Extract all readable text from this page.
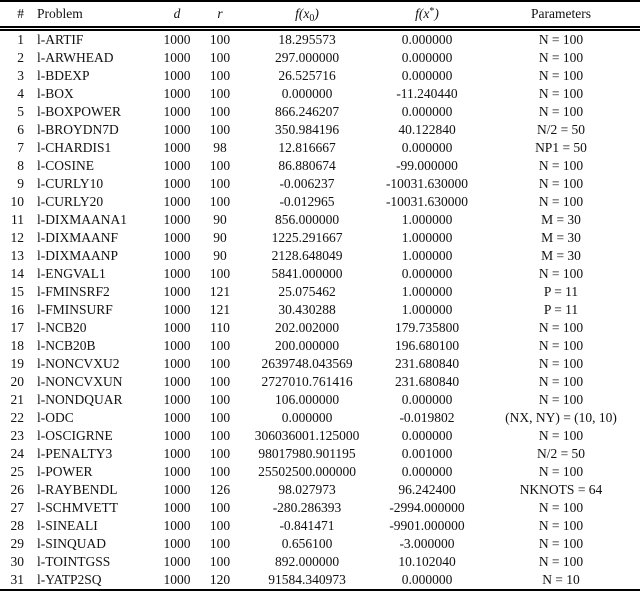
#	Problem	d	r	$f(x_0)$	f(x*)	Parameters
1	l-ARTIF	1000	100	18.295573	0.000000	N = 100
2	l-ARWHEAD	1000	100	297.000000	0.000000	N = 100
3	l-BDEXP	1000	100	26.525716	0.000000	N = 100
4	l-BOX	1000	100	0.000000	-11.240440	N = 100
5	l-BOXPOWER	1000	100	866.246207	0.000000	N = 100
6	l-BROYDN7D	1000	100	350.984196	40.122840	N/2 = 50
7	l-CHARDIS1	1000	98	12.816667	0.000000	NP1 = 50
8	l-COSINE	1000	100	86.880674	-99.000000	N = 100
9	l-CURLY10	1000	100	-0.006237	-10031.630000	N = 100
10	l-CURLY20	1000	100	-0.012965	-10031.630000	N = 100
11	l-DIXMAANA1	1000	90	856.000000	1.000000	M = 30
12	l-DIXMAANF	1000	90	1225.291667	1.000000	M = 30
13	l-DIXMAANP	1000	90	2128.648049	1.000000	M = 30
14	l-ENGVAL1	1000	100	5841.000000	0.000000	N = 100
15	l-FMINSRF2	1000	121	25.075462	1.000000	P = 11
16	l-FMINSURF	1000	121	30.430288	1.000000	P = 11
17	l-NCB20	1000	110	202.002000	179.735800	N = 100
18	l-NCB20B	1000	100	200.000000	196.680100	N = 100
19	l-NONCVXU2	1000	100	2639748.043569	231.680840	N = 100
20	l-NONCVXUN	1000	100	2727010.761416	231.680840	N = 100
21	l-NONDQUAR	1000	100	106.000000	0.000000	N = 100
22	l-ODC	1000	100	0.000000	-0.019802	(NX, NY) = (10, 10)
23	l-OSCIGRNE	1000	100	306036001.125000	0.000000	N = 100
24	l-PENALTY3	1000	100	98017980.901195	0.001000	N/2 = 50
25	l-POWER	1000	100	25502500.000000	0.000000	N = 100
26	l-RAYBENDL	1000	126	98.027973	96.242400	NKNOTS = 64
27	l-SCHMVETT	1000	100	-280.286393	-2994.000000	N = 100
28	l-SINEALI	1000	100	-0.841471	-9901.000000	N = 100
29	l-SINQUAD	1000	100	0.656100	-3.000000	N = 100
30	l-TOINTGSS	1000	100	892.000000	10.102040	N = 100
31	l-YATP2SQ	1000	120	91584.340973	0.000000	N = 10
